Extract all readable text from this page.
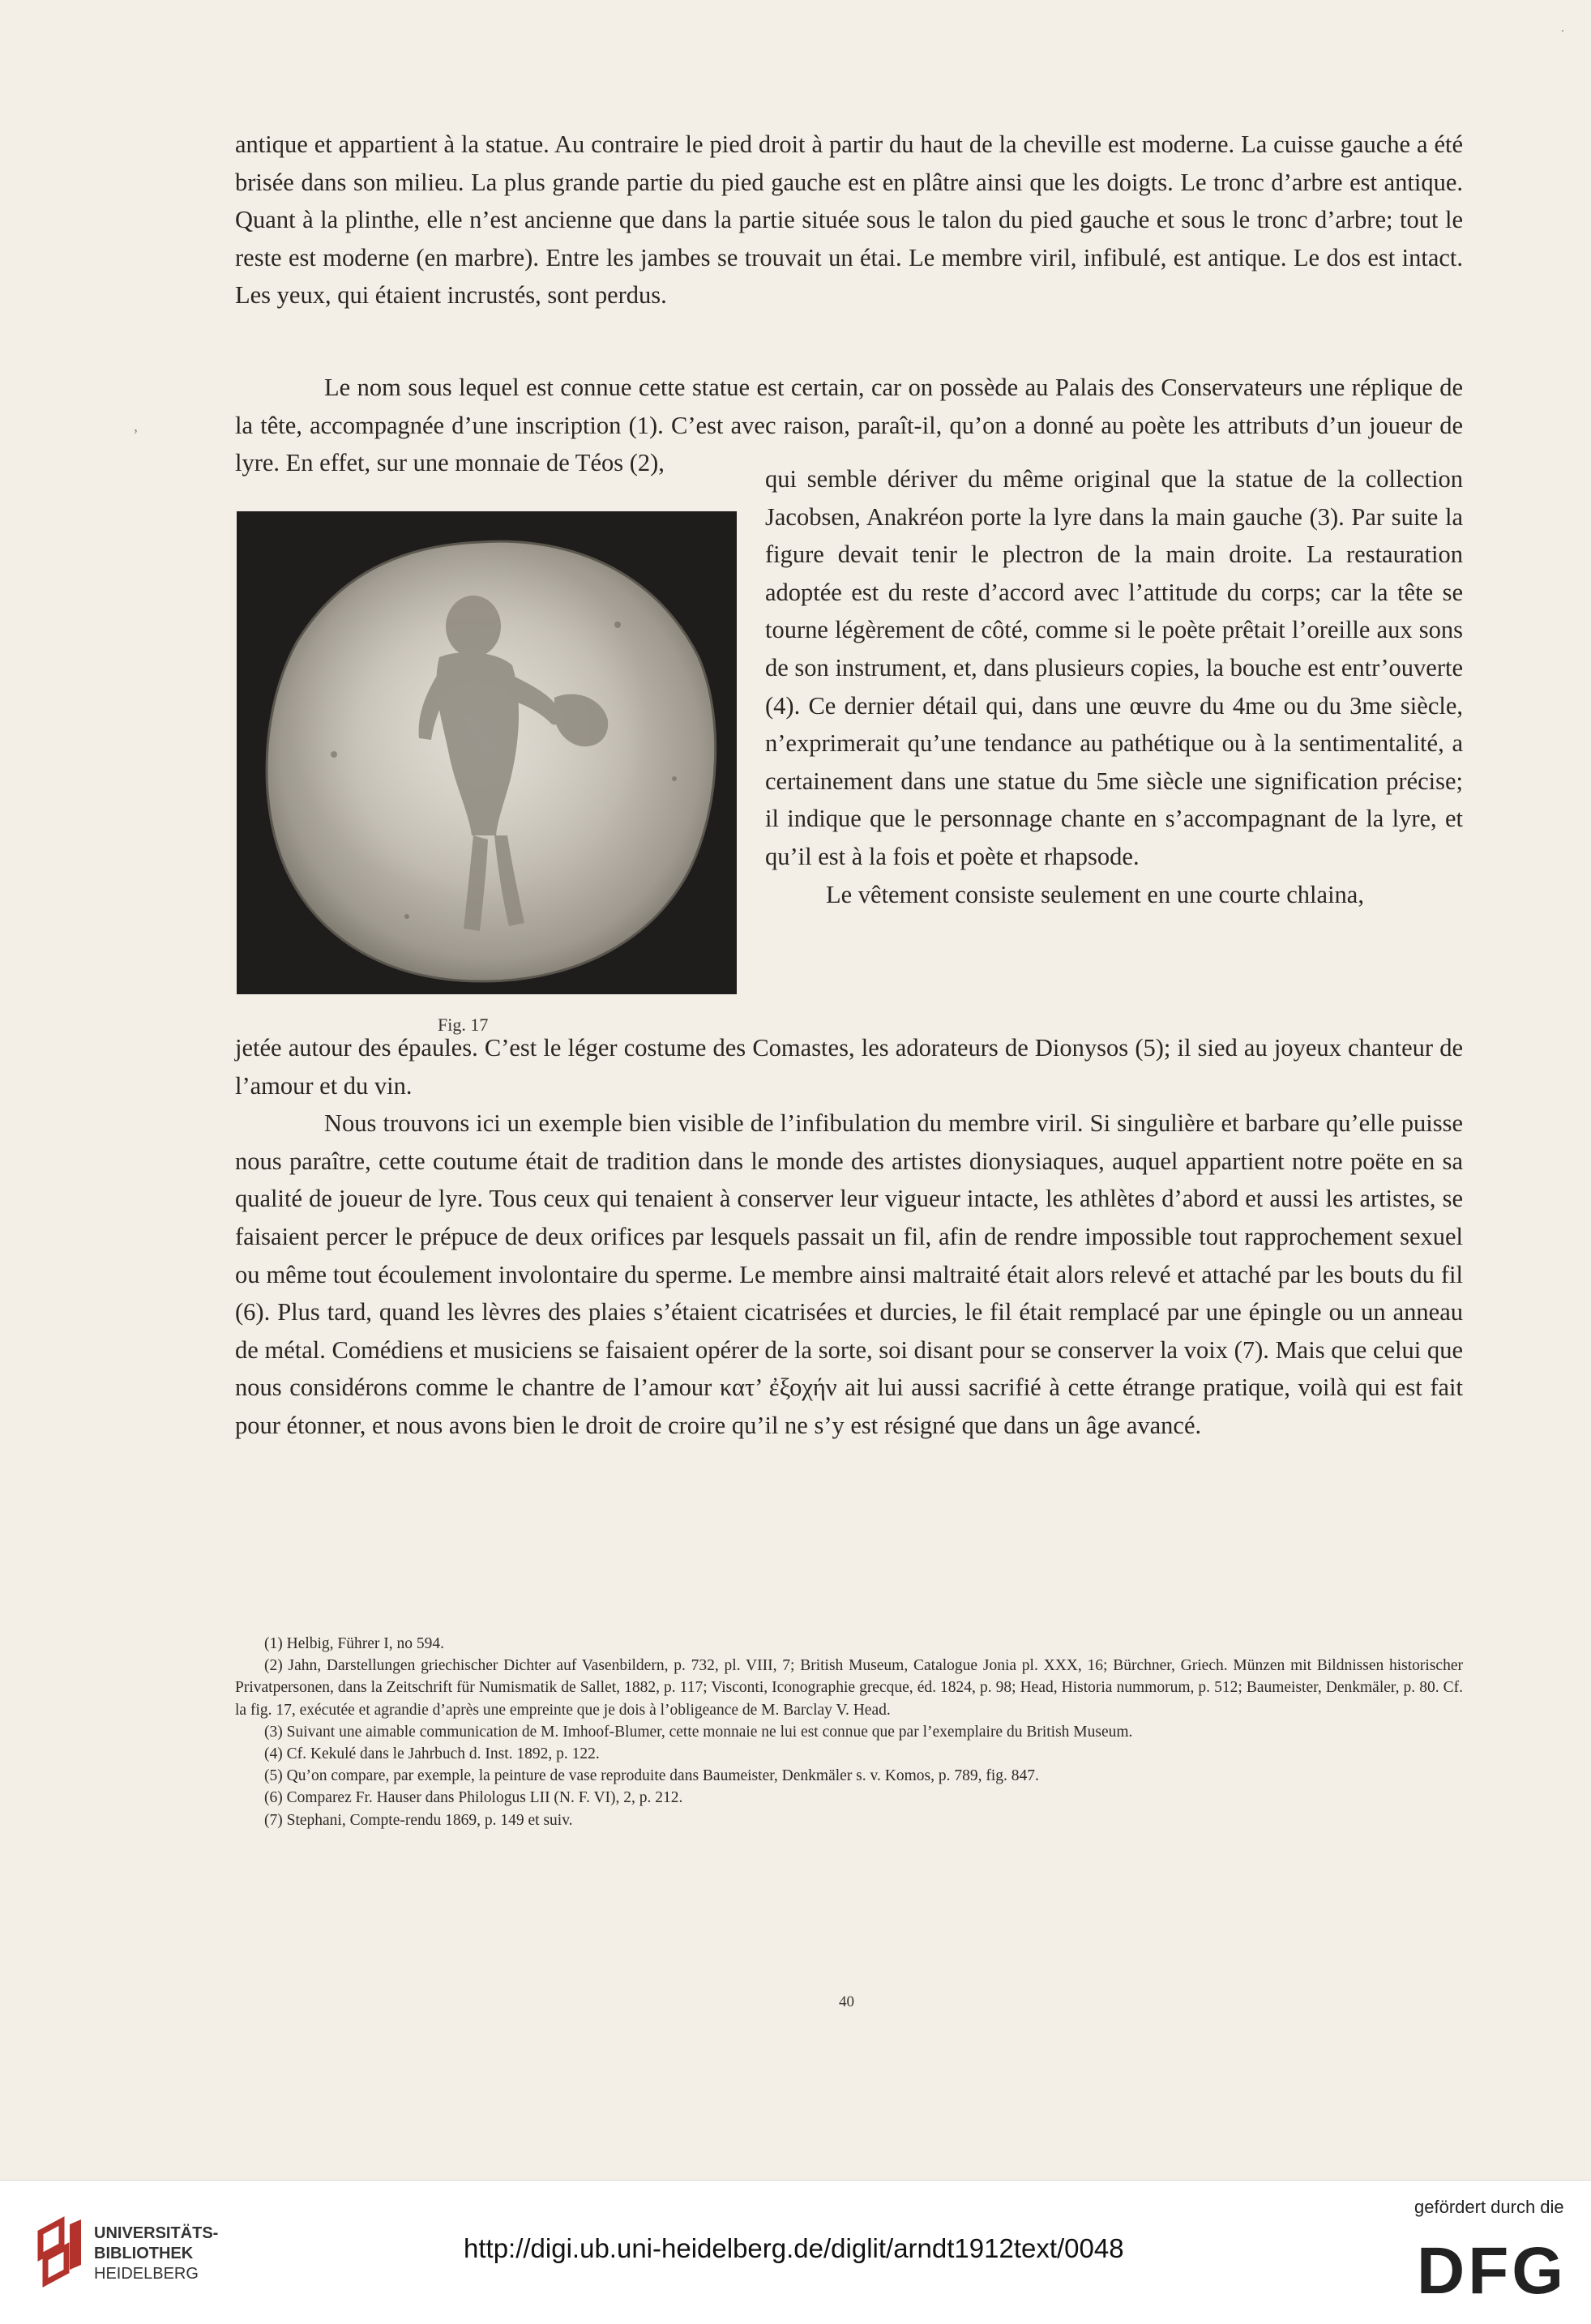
antique et appartient à la statue. Au contraire le pied droit à partir du haut de la cheville est moderne. La cuisse gauche a été brisée dans son milieu. La plus grande partie du pied gauche est en plâtre ainsi que les doigts. Le tronc d’arbre est antique. Quant à la plinthe, elle n’est ancienne que dans la partie située sous le talon du pied gauche et sous le tronc d’arbre; tout le reste est moderne (en marbre). Entre les jambes se trouvait un étai. Le membre viril, infibulé, est antique. Le dos est intact. Les yeux, qui étaient incrustés, sont perdus.

Le nom sous lequel est connue cette statue est certain, car on possède au Palais des Conservateurs une réplique de la tête, accompagnée d’une inscription (1). C’est avec raison, paraît-il, qu’on a donné au poète les attributs d’un joueur de lyre. En effet, sur une monnaie de Téos (2),

Fig. 17

qui semble dériver du même original que la statue de la collection Jacobsen, Anakréon porte la lyre dans la main gauche (3). Par suite la figure devait tenir le plectron de la main droite. La restauration adoptée est du reste d’accord avec l’attitude du corps; car la tête se tourne légèrement de côté, comme si le poète prêtait l’oreille aux sons de son instrument, et, dans plusieurs copies, la bouche est entr’ouverte (4). Ce dernier détail qui, dans une œuvre du 4me ou du 3me siècle, n’exprimerait qu’une tendance au pathétique ou à la sentimentalité, a certainement dans une statue du 5me siècle une signification précise; il indique que le personnage chante en s’accompagnant de la lyre, et qu’il est à la fois et poète et rhapsode.

Le vêtement consiste seulement en une courte chlaina,

jetée autour des épaules. C’est le léger costume des Comastes, les adorateurs de Dionysos (5); il sied au joyeux chanteur de l’amour et du vin.

Nous trouvons ici un exemple bien visible de l’infibulation du membre viril. Si singulière et barbare qu’elle puisse nous paraître, cette coutume était de tradition dans le monde des artistes dionysiaques, auquel appartient notre poëte en sa qualité de joueur de lyre. Tous ceux qui tenaient à conserver leur vigueur intacte, les athlètes d’abord et aussi les artistes, se faisaient percer le prépuce de deux orifices par lesquels passait un fil, afin de rendre impossible tout rapprochement sexuel ou même tout écoulement involontaire du sperme. Le membre ainsi maltraité était alors relevé et attaché par les bouts du fil (6). Plus tard, quand les lèvres des plaies s’étaient cicatrisées et durcies, le fil était remplacé par une épingle ou un anneau de métal. Comédiens et musiciens se faisaient opérer de la sorte, soi disant pour se conserver la voix (7). Mais que celui que nous considérons comme le chantre de l’amour κατ’ ἐξοχήν ait lui aussi sacrifié à cette étrange pratique, voilà qui est fait pour étonner, et nous avons bien le droit de croire qu’il ne s’y est résigné que dans un âge avancé.

(1) Helbig, Führer I, no 594.

(2) Jahn, Darstellungen griechischer Dichter auf Vasenbildern, p. 732, pl. VIII, 7; British Museum, Catalogue Jonia pl. XXX, 16; Bürchner, Griech. Münzen mit Bildnissen historischer Privatpersonen, dans la Zeitschrift für Numismatik de Sallet, 1882, p. 117; Visconti, Iconographie grecque, éd. 1824, p. 98; Head, Historia nummorum, p. 512; Baumeister, Denkmäler, p. 80. Cf. la fig. 17, exécutée et agrandie d’après une empreinte que je dois à l’obligeance de M. Barclay V. Head.

(3) Suivant une aimable communication de M. Imhoof-Blumer, cette monnaie ne lui est connue que par l’exemplaire du British Museum.

(4) Cf. Kekulé dans le Jahrbuch d. Inst. 1892, p. 122.

(5) Qu’on compare, par exemple, la peinture de vase reproduite dans Baumeister, Denkmäler s. v. Komos, p. 789, fig. 847.

(6) Comparez Fr. Hauser dans Philologus LII (N. F. VI), 2, p. 212.

(7) Stephani, Compte-rendu 1869, p. 149 et suiv.

40
,
·
UNIVERSITÄTS-
BIBLIOTHEK
HEIDELBERG
http://digi.ub.uni-heidelberg.de/diglit/arndt1912text/0048
gefördert durch die
DFG
